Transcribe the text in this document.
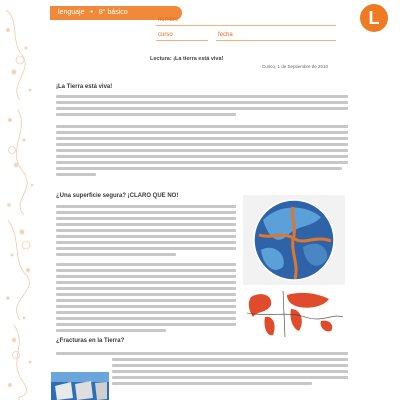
lenguaje • 8° básico
nombre
curso	fecha
L
Lectura: ¡La tierra está viva!
Curico, 1 de Septiembre de 2010
¡La Tierra está viva!
¿Una superficie segura? ¡CLARO QUE NO!
¿Fracturas en la Tierra?
